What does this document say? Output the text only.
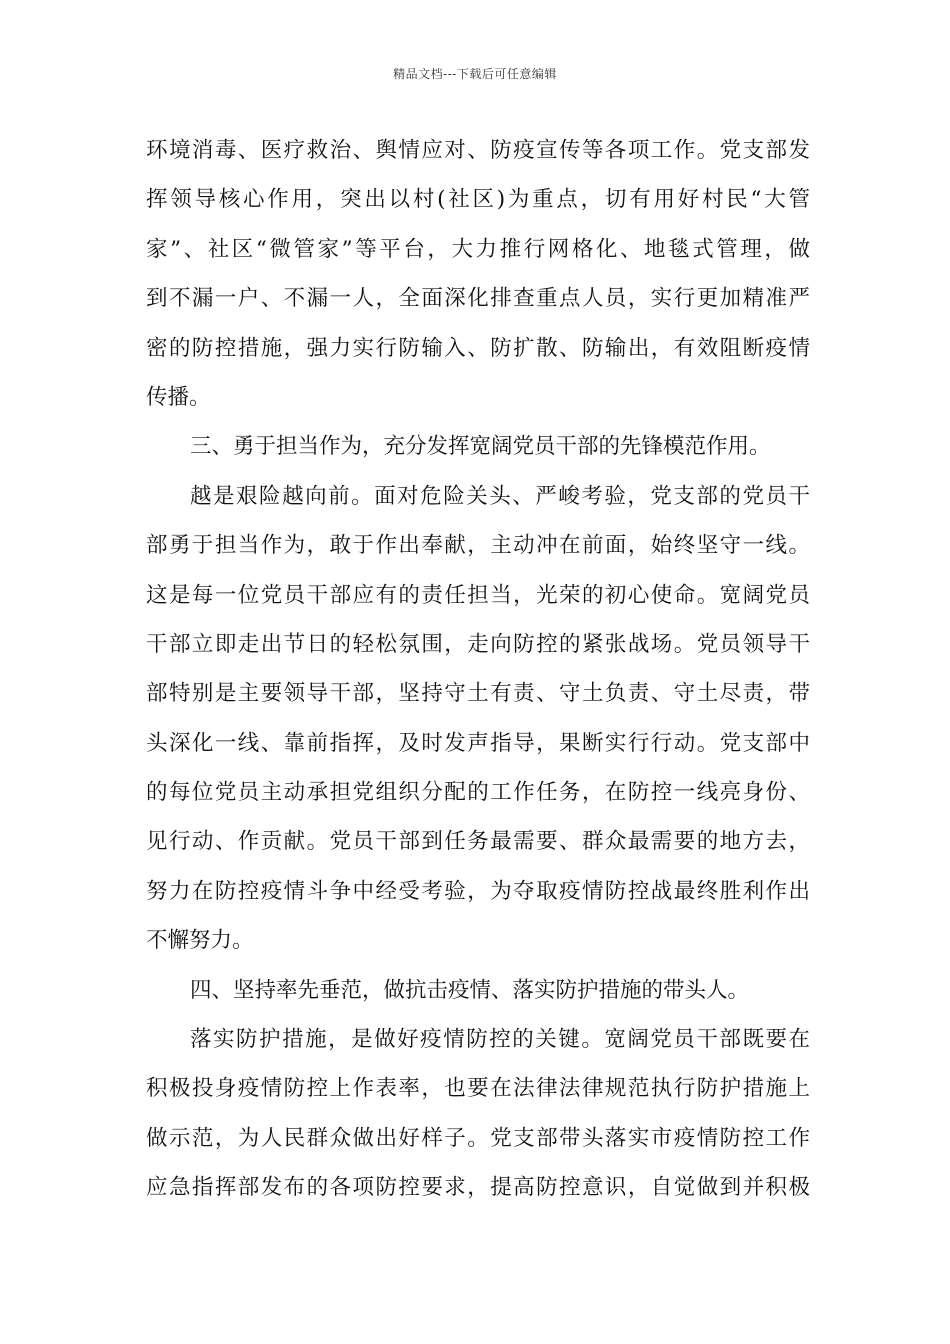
精品文档---下载后可任意编辑
环境消毒、医疗救治、舆情应对、防疫宣传等各项工作。党支部发
挥领导核心作用，突出以村(社区)为重点，切有用好村民“大管
家”、社区“微管家”等平台，大力推行网格化、地毯式管理，做
到不漏一户、不漏一人，全面深化排查重点人员，实行更加精准严
密的防控措施，强力实行防输入、防扩散、防输出，有效阻断疫情
传播。
三、勇于担当作为，充分发挥宽阔党员干部的先锋模范作用。
越是艰险越向前。面对危险关头、严峻考验，党支部的党员干
部勇于担当作为，敢于作出奉献，主动冲在前面，始终坚守一线。
这是每一位党员干部应有的责任担当，光荣的初心使命。宽阔党员
干部立即走出节日的轻松氛围，走向防控的紧张战场。党员领导干
部特别是主要领导干部，坚持守土有责、守土负责、守土尽责，带
头深化一线、靠前指挥，及时发声指导，果断实行行动。党支部中
的每位党员主动承担党组织分配的工作任务，在防控一线亮身份、
见行动、作贡献。党员干部到任务最需要、群众最需要的地方去，
努力在防控疫情斗争中经受考验，为夺取疫情防控战最终胜利作出
不懈努力。
四、坚持率先垂范，做抗击疫情、落实防护措施的带头人。
落实防护措施，是做好疫情防控的关键。宽阔党员干部既要在
积极投身疫情防控上作表率，也要在法律法律规范执行防护措施上
做示范，为人民群众做出好样子。党支部带头落实市疫情防控工作
应急指挥部发布的各项防控要求，提高防控意识，自觉做到并积极
